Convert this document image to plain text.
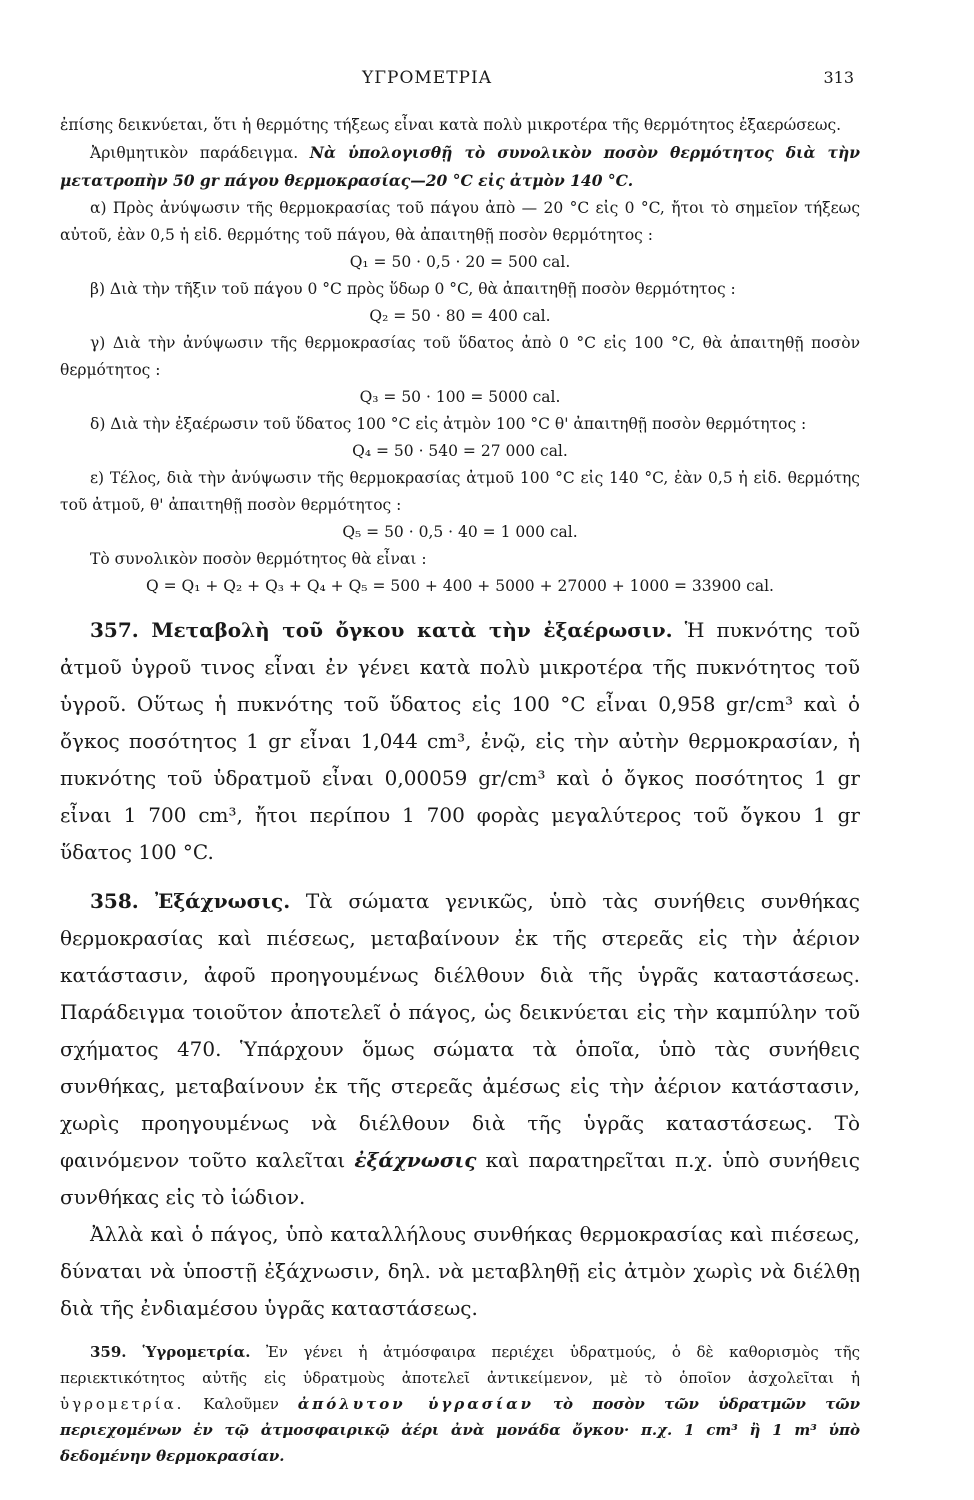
ΥΓΡΟΜΕΤΡΙΑ	313

ἐπίσης δεικνύεται, ὅτι ἡ θερμότης τήξεως εἶναι κατὰ πολὺ μικροτέρα τῆς θερμότητος ἐξαερώσεως.

Ἀριθμητικὸν παράδειγμα. Νὰ ὑπολογισθῇ τὸ συνολικὸν ποσὸν θερμότητος διὰ τὴν μετατροπὴν 50 gr πάγου θερμοκρασίας—20 °C εἰς ἀτμὸν 140 °C.

α) Πρὸς ἀνύψωσιν τῆς θερμοκρασίας τοῦ πάγου ἀπὸ — 20 °C εἰς 0 °C, ἤτοι τὸ σημεῖον τήξεως αὐτοῦ, ἐὰν 0,5 ἡ εἰδ. θερμότης τοῦ πάγου, θὰ ἀπαιτηθῇ ποσὸν θερμότητος :

Q₁ = 50 · 0,5 · 20 = 500 cal.

β) Διὰ τὴν τῆξιν τοῦ πάγου 0 °C πρὸς ὕδωρ 0 °C, θὰ ἀπαιτηθῇ ποσὸν θερμότητος :

Q₂ = 50 · 80 = 400 cal.

γ) Διὰ τὴν ἀνύψωσιν τῆς θερμοκρασίας τοῦ ὕδατος ἀπὸ 0 °C εἰς 100 °C, θὰ ἀπαιτηθῇ ποσὸν θερμότητος :

Q₃ = 50 · 100 = 5000 cal.

δ) Διὰ τὴν ἐξαέρωσιν τοῦ ὕδατος 100 °C εἰς ἀτμὸν 100 °C θ' ἀπαιτηθῇ ποσὸν θερμότητος :

Q₄ = 50 · 540 = 27 000 cal.

ε) Τέλος, διὰ τὴν ἀνύψωσιν τῆς θερμοκρασίας ἀτμοῦ 100 °C εἰς 140 °C, ἐὰν 0,5 ἡ εἰδ. θερμότης τοῦ ἀτμοῦ, θ' ἀπαιτηθῇ ποσὸν θερμότητος :

Q₅ = 50 · 0,5 · 40 = 1 000 cal.

Τὸ συνολικὸν ποσὸν θερμότητος θὰ εἶναι :

Q = Q₁ + Q₂ + Q₃ + Q₄ + Q₅ = 500 + 400 + 5000 + 27000 + 1000 = 33900 cal.

357. Μεταβολὴ τοῦ ὄγκου κατὰ τὴν ἐξαέρωσιν. Ἡ πυκνότης τοῦ ἀτμοῦ ὑγροῦ τινος εἶναι ἐν γένει κατὰ πολὺ μικροτέρα τῆς πυκνότητος τοῦ ὑγροῦ. Οὕτως ἡ πυκνότης τοῦ ὕδατος εἰς 100 °C εἶναι 0,958 gr/cm³ καὶ ὁ ὄγκος ποσότητος 1 gr εἶναι 1,044 cm³, ἐνῷ, εἰς τὴν αὐτὴν θερμοκρασίαν, ἡ πυκνότης τοῦ ὑδρατμοῦ εἶναι 0,00059 gr/cm³ καὶ ὁ ὄγκος ποσότητος 1 gr εἶναι 1 700 cm³, ἤτοι περίπου 1 700 φορὰς μεγαλύτερος τοῦ ὄγκου 1 gr ὕδατος 100 °C.

358. Ἐξάχνωσις. Τὰ σώματα γενικῶς, ὑπὸ τὰς συνήθεις συνθήκας θερμοκρασίας καὶ πιέσεως, μεταβαίνουν ἐκ τῆς στερεᾶς εἰς τὴν ἀέριον κατάστασιν, ἀφοῦ προηγουμένως διέλθουν διὰ τῆς ὑγρᾶς καταστάσεως. Παράδειγμα τοιοῦτον ἀποτελεῖ ὁ πάγος, ὡς δεικνύεται εἰς τὴν καμπύλην τοῦ σχήματος 470. Ὑπάρχουν ὅμως σώματα τὰ ὁποῖα, ὑπὸ τὰς συνήθεις συνθήκας, μεταβαίνουν ἐκ τῆς στερεᾶς ἀμέσως εἰς τὴν ἀέριον κατάστασιν, χωρὶς προηγουμένως νὰ διέλθουν διὰ τῆς ὑγρᾶς καταστάσεως. Τὸ φαινόμενον τοῦτο καλεῖται ἐξάχνωσις καὶ παρατηρεῖται π.χ. ὑπὸ συνήθεις συνθήκας εἰς τὸ ἰώδιον.

Ἀλλὰ καὶ ὁ πάγος, ὑπὸ καταλλήλους συνθήκας θερμοκρασίας καὶ πιέσεως, δύναται νὰ ὑποστῇ ἐξάχνωσιν, δηλ. νὰ μεταβληθῇ εἰς ἀτμὸν χωρὶς νὰ διέλθῃ διὰ τῆς ἐνδιαμέσου ὑγρᾶς καταστάσεως.

359. Ὑγρομετρία. Ἐν γένει ἡ ἀτμόσφαιρα περιέχει ὑδρατμούς, ὁ δὲ καθορισμὸς τῆς περιεκτικότητος αὐτῆς εἰς ὑδρατμοὺς ἀποτελεῖ ἀντικείμενον, μὲ τὸ ὁποῖον ἀσχολεῖται ἡ ὑγρομετρία. Καλοῦμεν ἀπόλυτον ὑγρασίαν τὸ ποσὸν τῶν ὑδρατμῶν τῶν περιεχομένων ἐν τῷ ἀτμοσφαιρικῷ ἀέρι ἀνὰ μονάδα ὄγκου· π.χ. 1 cm³ ἢ 1 m³ ὑπὸ δεδομένην θερμοκρασίαν.
